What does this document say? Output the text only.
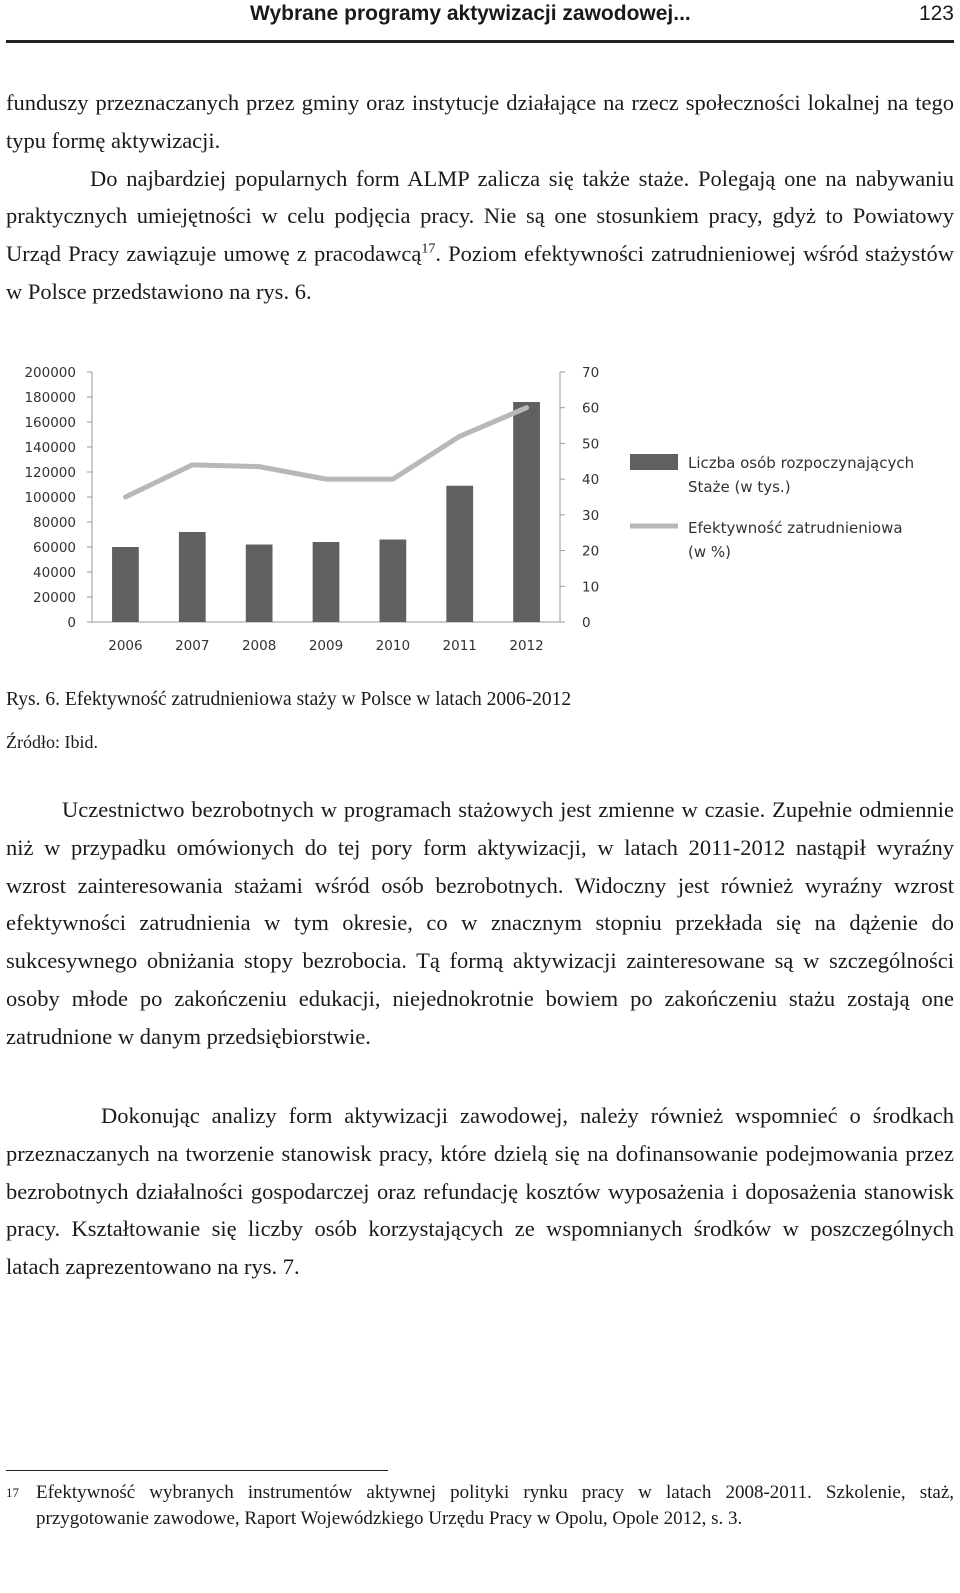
Wybrane programy aktywizacji zawodowej...	123

funduszy przeznaczanych przez gminy oraz instytucje działające na rzecz społeczności lokalnej na tego typu formę aktywizacji.
Do najbardziej popularnych form ALMP zalicza się także staże. Polegają one na nabywaniu praktycznych umiejętności w celu podjęcia pracy. Nie są one stosunkiem pracy, gdyż to Powiatowy Urząd Pracy zawiązuje umowę z pracodawcą$^{17}$. Poziom efektywności zatrudnieniowej wśród stażystów w Polsce przedstawiono na rys. 6.

0
20000
40000
60000
80000
100000
120000
140000
160000
180000
200000
0
10
20
30
40
50
60
70
2006 2007 2008 2009 2010 2011 2012
Liczba osób rozpoczynających
Staże (w tys.)
Efektywność zatrudnieniowa
(w %)
Rys. 6. Efektywność zatrudnieniowa staży w Polsce w latach 2006-2012
Źródło: Ibid.

Uczestnictwo bezrobotnych w programach stażowych jest zmienne w czasie. Zupełnie odmiennie niż w przypadku omówionych do tej pory form aktywizacji, w latach 2011-2012 nastąpił wyraźny wzrost zainteresowania stażami wśród osób bezrobotnych. Widoczny jest również wyraźny wzrost efektywności zatrudnienia w tym okresie, co w znacznym stopniu przekłada się na dążenie do sukcesywnego obniżania stopy bezrobocia. Tą formą aktywizacji zainteresowane są w szczególności osoby młode po zakończeniu edukacji, niejednokrotnie bowiem po zakończeniu stażu zostają one zatrudnione w danym przedsiębiorstwie.

Dokonując analizy form aktywizacji zawodowej, należy również wspomnieć o środkach przeznaczanych na tworzenie stanowisk pracy, które dzielą się na dofinansowanie podejmowania przez bezrobotnych działalności gospodarczej oraz refundację kosztów wyposażenia i doposażenia stanowisk pracy. Kształtowanie się liczby osób korzystających ze wspomnianych środków w poszczególnych latach zaprezentowano na rys. 7.

17 Efektywność wybranych instrumentów aktywnej polityki rynku pracy w latach 2008-2011. Szkolenie, staż, przygotowanie zawodowe, Raport Wojewódzkiego Urzędu Pracy w Opolu, Opole 2012, s. 3.
